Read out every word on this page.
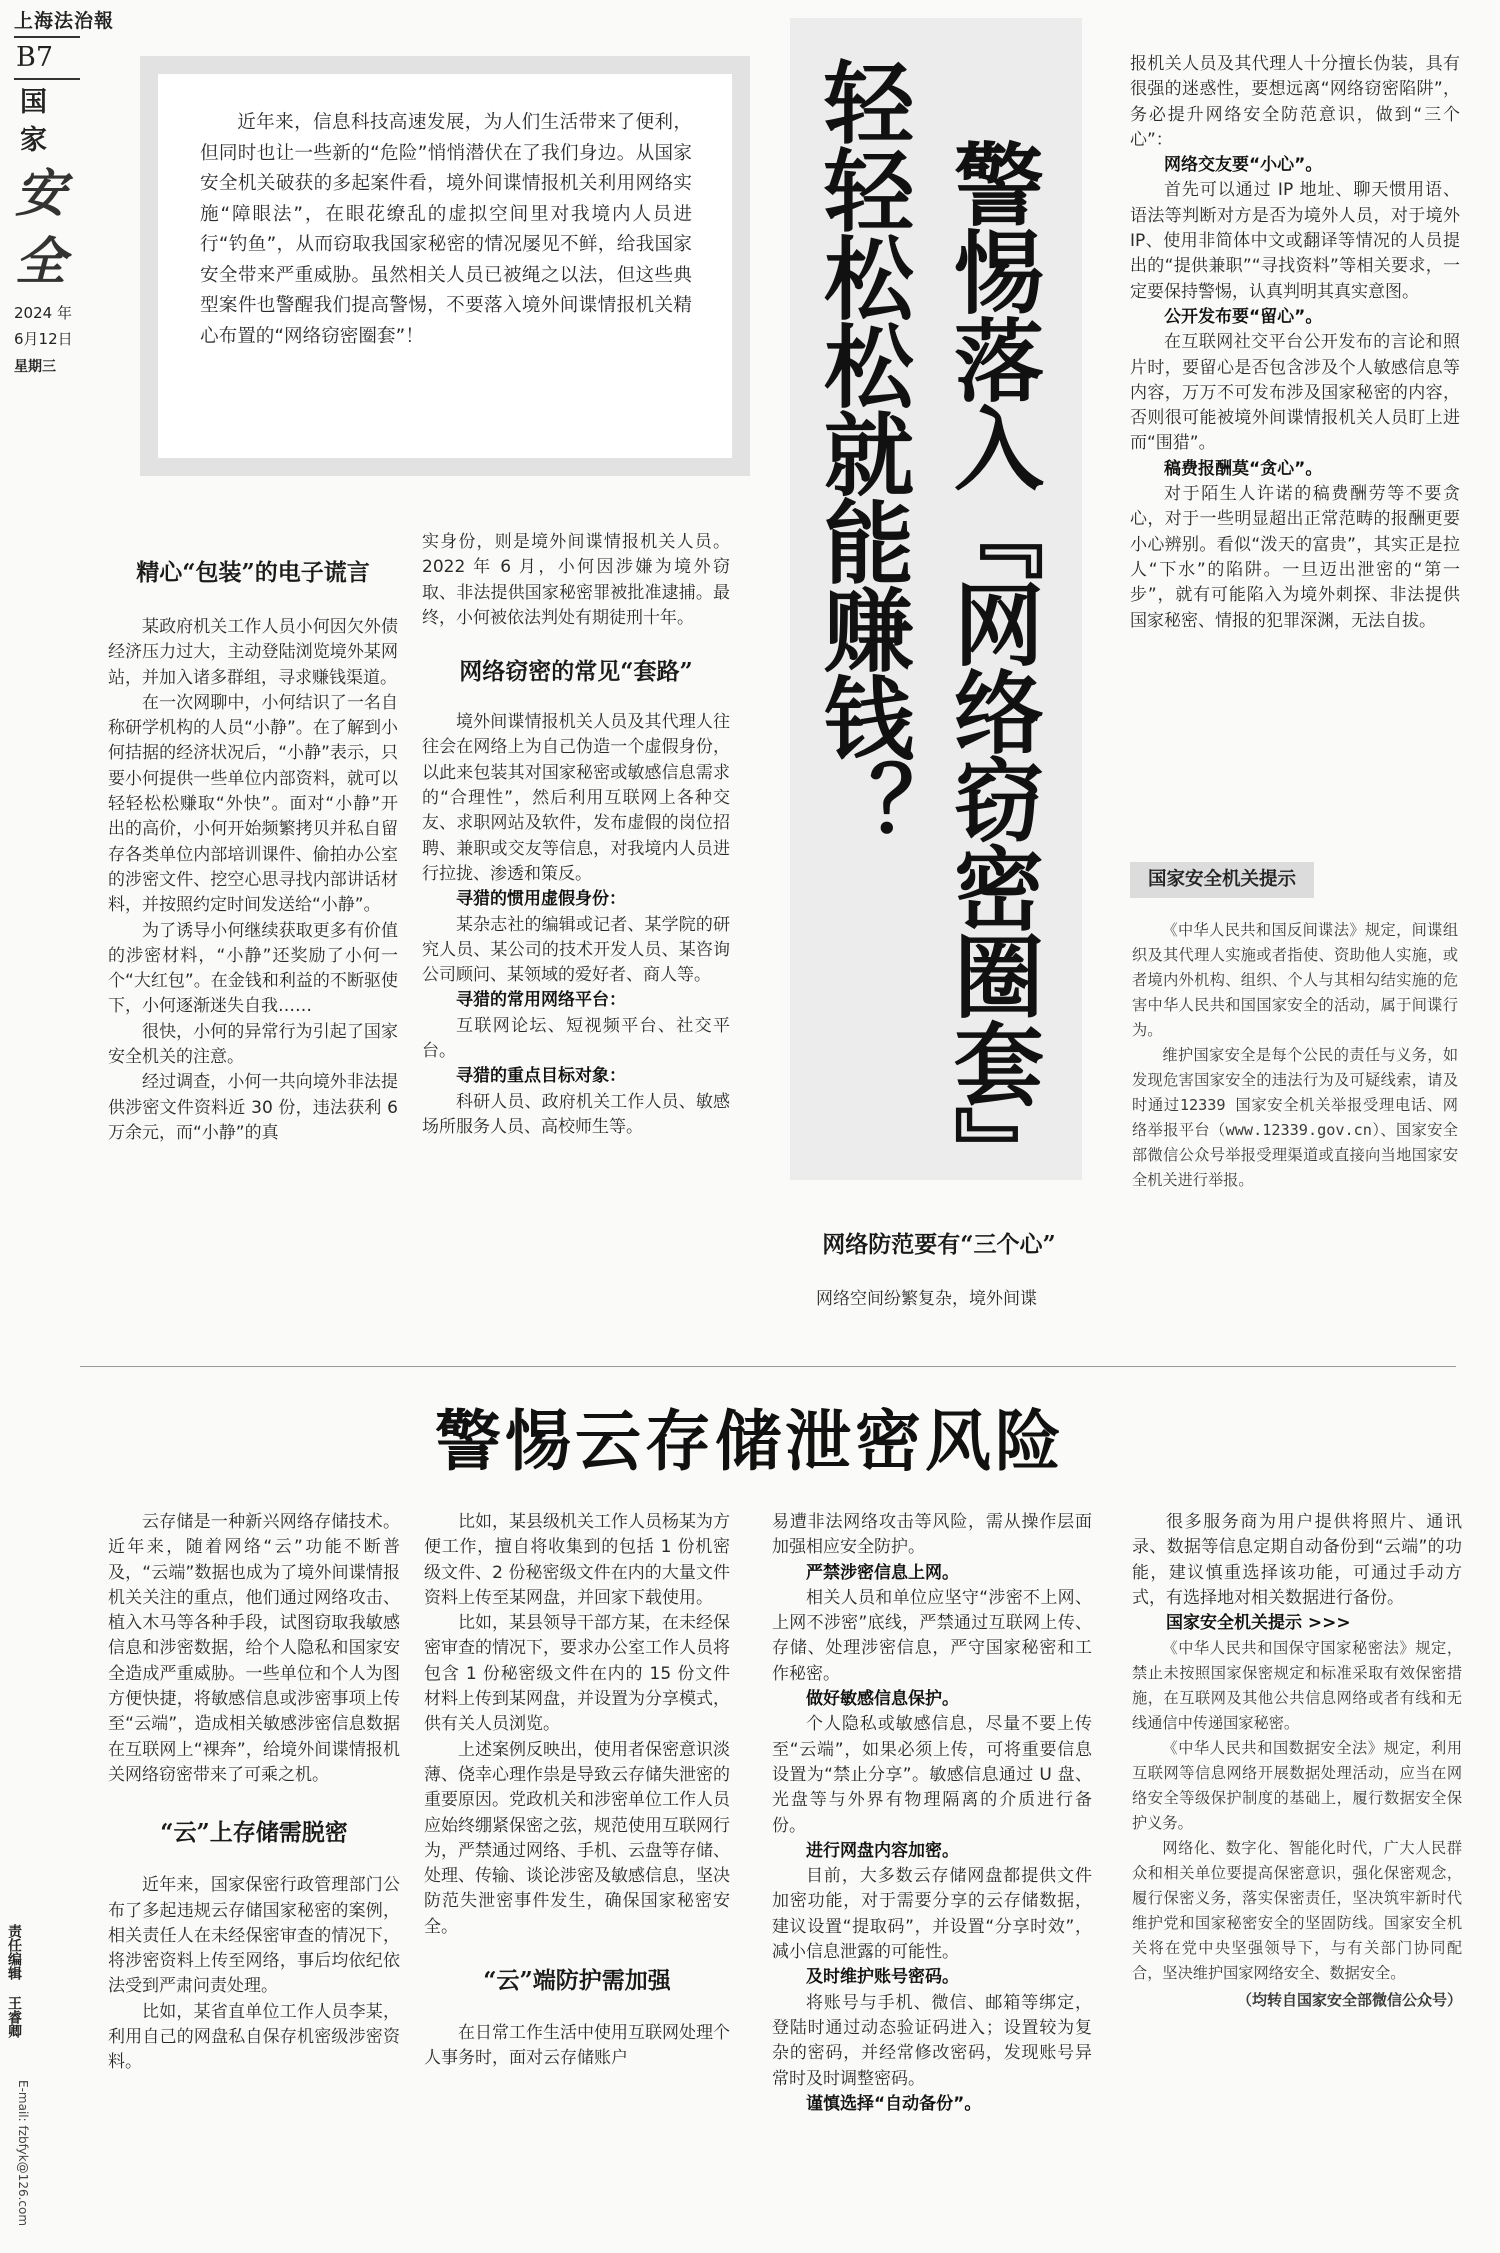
上海法治報
B7
国家
安全
2024 年
6月12日
星期三
责任编辑 王睿卿
E-mail: fzbfyk@126.com

近年来，信息科技高速发展，为人们生活带来了便利，但同时也让一些新的“危险”悄悄潜伏在了我们身边。从国家安全机关破获的多起案件看，境外间谍情报机关利用网络实施“障眼法”，在眼花缭乱的虚拟空间里对我境内人员进行“钓鱼”，从而窃取我国家秘密的情况屡见不鲜，给我国家安全带来严重威胁。虽然相关人员已被绳之以法，但这些典型案件也警醒我们提高警惕，不要落入境外间谍情报机关精心布置的“网络窃密圈套”！	轻轻松松就能赚钱？ 警惕落入『网络窃密圈套』
精心“包装”的电子谎言

某政府机关工作人员小何因欠外债经济压力过大，主动登陆浏览境外某网站，并加入诸多群组，寻求赚钱渠道。

在一次网聊中，小何结识了一名自称研学机构的人员“小静”。在了解到小何拮据的经济状况后，“小静”表示，只要小何提供一些单位内部资料，就可以轻轻松松赚取“外快”。面对“小静”开出的高价，小何开始频繁拷贝并私自留存各类单位内部培训课件、偷拍办公室的涉密文件、挖空心思寻找内部讲话材料，并按照约定时间发送给“小静”。

为了诱导小何继续获取更多有价值的涉密材料，“小静”还奖励了小何一个“大红包”。在金钱和利益的不断驱使下，小何逐渐迷失自我……

很快，小何的异常行为引起了国家安全机关的注意。

经过调查，小何一共向境外非法提供涉密文件资料近 30 份，违法获利 6 万余元，而“小静”的真

实身份，则是境外间谍情报机关人员。2022 年 6 月，小何因涉嫌为境外窃取、非法提供国家秘密罪被批准逮捕。最终，小何被依法判处有期徒刑十年。

网络窃密的常见“套路”

境外间谍情报机关人员及其代理人往往会在网络上为自己伪造一个虚假身份，以此来包装其对国家秘密或敏感信息需求的“合理性”，然后利用互联网上各种交友、求职网站及软件，发布虚假的岗位招聘、兼职或交友等信息，对我境内人员进行拉拢、渗透和策反。

寻猎的惯用虚假身份：

某杂志社的编辑或记者、某学院的研究人员、某公司的技术开发人员、某咨询公司顾问、某领域的爱好者、商人等。

寻猎的常用网络平台：

互联网论坛、短视频平台、社交平台。

寻猎的重点目标对象：

科研人员、政府机关工作人员、敏感场所服务人员、高校师生等。

网络防范要有“三个心”

网络空间纷繁复杂，境外间谍

报机关人员及其代理人十分擅长伪装，具有很强的迷惑性，要想远离“网络窃密陷阱”，务必提升网络安全防范意识，做到“三个心”：

网络交友要“小心”。

首先可以通过 IP 地址、聊天惯用语、语法等判断对方是否为境外人员，对于境外 IP、使用非简体中文或翻译等情况的人员提出的“提供兼职”“寻找资料”等相关要求，一定要保持警惕，认真判明其真实意图。

公开发布要“留心”。

在互联网社交平台公开发布的言论和照片时，要留心是否包含涉及个人敏感信息等内容，万万不可发布涉及国家秘密的内容，否则很可能被境外间谍情报机关人员盯上进而“围猎”。

稿费报酬莫“贪心”。

对于陌生人许诺的稿费酬劳等不要贪心，对于一些明显超出正常范畴的报酬更要小心辨别。看似“泼天的富贵”，其实正是拉人“下水”的陷阱。一旦迈出泄密的“第一步”，就有可能陷入为境外刺探、非法提供国家秘密、情报的犯罪深渊，无法自拔。

国家安全机关提示

《中华人民共和国反间谍法》规定，间谍组织及其代理人实施或者指使、资助他人实施，或者境内外机构、组织、个人与其相勾结实施的危害中华人民共和国国家安全的活动，属于间谍行为。

维护国家安全是每个公民的责任与义务，如发现危害国家安全的违法行为及可疑线索，请及时通过12339 国家安全机关举报受理电话、网络举报平台（www.12339.gov.cn）、国家安全部微信公众号举报受理渠道或直接向当地国家安全机关进行举报。

警惕云存储泄密风险

云存储是一种新兴网络存储技术。近年来，随着网络“云”功能不断普及，“云端”数据也成为了境外间谍情报机关关注的重点，他们通过网络攻击、植入木马等各种手段，试图窃取我敏感信息和涉密数据，给个人隐私和国家安全造成严重威胁。一些单位和个人为图方便快捷，将敏感信息或涉密事项上传至“云端”，造成相关敏感涉密信息数据在互联网上“裸奔”，给境外间谍情报机关网络窃密带来了可乘之机。

“云”上存储需脱密

近年来，国家保密行政管理部门公布了多起违规云存储国家秘密的案例，相关责任人在未经保密审查的情况下，将涉密资料上传至网络，事后均依纪依法受到严肃问责处理。

比如，某省直单位工作人员李某，利用自己的网盘私自保存机密级涉密资料。

比如，某县级机关工作人员杨某为方便工作，擅自将收集到的包括 1 份机密级文件、2 份秘密级文件在内的大量文件资料上传至某网盘，并回家下载使用。

比如，某县领导干部方某，在未经保密审查的情况下，要求办公室工作人员将包含 1 份秘密级文件在内的 15 份文件材料上传到某网盘，并设置为分享模式，供有关人员浏览。

上述案例反映出，使用者保密意识淡薄、侥幸心理作祟是导致云存储失泄密的重要原因。党政机关和涉密单位工作人员应始终绷紧保密之弦，规范使用互联网行为，严禁通过网络、手机、云盘等存储、处理、传输、谈论涉密及敏感信息，坚决防范失泄密事件发生，确保国家秘密安全。

“云”端防护需加强

在日常工作生活中使用互联网处理个人事务时，面对云存储账户

易遭非法网络攻击等风险，需从操作层面加强相应安全防护。

严禁涉密信息上网。

相关人员和单位应坚守“涉密不上网、上网不涉密”底线，严禁通过互联网上传、存储、处理涉密信息，严守国家秘密和工作秘密。

做好敏感信息保护。

个人隐私或敏感信息，尽量不要上传至“云端”，如果必须上传，可将重要信息设置为“禁止分享”。敏感信息通过 U 盘、光盘等与外界有物理隔离的介质进行备份。

进行网盘内容加密。

目前，大多数云存储网盘都提供文件加密功能，对于需要分享的云存储数据，建议设置“提取码”，并设置“分享时效”，减小信息泄露的可能性。

及时维护账号密码。

将账号与手机、微信、邮箱等绑定，登陆时通过动态验证码进入；设置较为复杂的密码，并经常修改密码，发现账号异常时及时调整密码。

谨慎选择“自动备份”。

很多服务商为用户提供将照片、通讯录、数据等信息定期自动备份到“云端”的功能，建议慎重选择该功能，可通过手动方式，有选择地对相关数据进行备份。

国家安全机关提示 >>>

《中华人民共和国保守国家秘密法》规定，禁止未按照国家保密规定和标准采取有效保密措施，在互联网及其他公共信息网络或者有线和无线通信中传递国家秘密。

《中华人民共和国数据安全法》规定，利用互联网等信息网络开展数据处理活动，应当在网络安全等级保护制度的基础上，履行数据安全保护义务。

网络化、数字化、智能化时代，广大人民群众和相关单位要提高保密意识，强化保密观念，履行保密义务，落实保密责任，坚决筑牢新时代维护党和国家秘密安全的坚固防线。国家安全机关将在党中央坚强领导下，与有关部门协同配合，坚决维护国家网络安全、数据安全。

（均转自国家安全部微信公众号）
